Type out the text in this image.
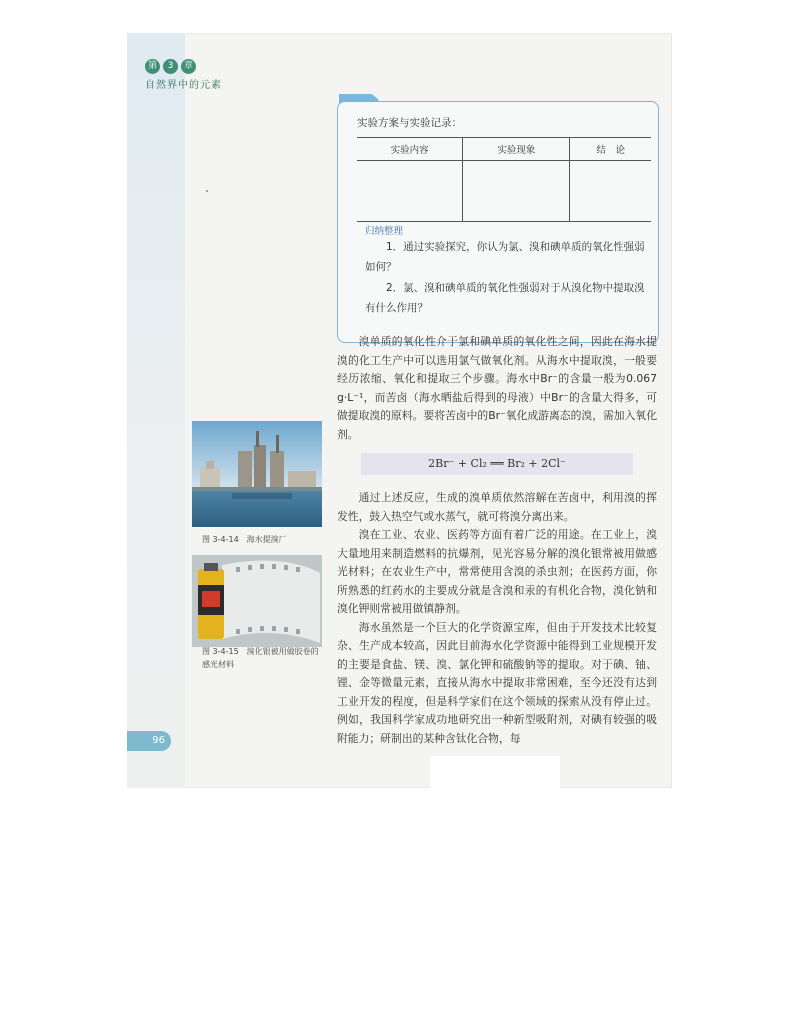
第	3	章
自然界中的元素
实验方案与实验记录：
实验内容	实验现象	结　论

归纳整理

1．通过实验探究，你认为氯、溴和碘单质的氧化性强弱如何？

2．氯、溴和碘单质的氧化性强弱对于从溴化物中提取溴有什么作用？

溴单质的氧化性介于氯和碘单质的氧化性之间，因此在海水提溴的化工生产中可以选用氯气做氧化剂。从海水中提取溴，一般要经历浓缩、氧化和提取三个步骤。海水中Br⁻的含量一般为0.067 g·L⁻¹，而苦卤（海水晒盐后得到的母液）中Br⁻的含量大得多，可做提取溴的原料。要将苦卤中的Br⁻氧化成游离态的溴，需加入氧化剂。

2Br⁻ + Cl₂ ══ Br₂ + 2Cl⁻

通过上述反应，生成的溴单质依然溶解在苦卤中，利用溴的挥发性，鼓入热空气或水蒸气，就可将溴分离出来。

溴在工业、农业、医药等方面有着广泛的用途。在工业上，溴大量地用来制造燃料的抗爆剂，见光容易分解的溴化银常被用做感光材料；在农业生产中，常常使用含溴的杀虫剂；在医药方面，你所熟悉的红药水的主要成分就是含溴和汞的有机化合物，溴化钠和溴化钾则常被用做镇静剂。

海水虽然是一个巨大的化学资源宝库，但由于开发技术比较复杂、生产成本较高，因此目前海水化学资源中能得到工业规模开发的主要是食盐、镁、溴、氯化钾和硫酸钠等的提取。对于碘、铀、锂、金等微量元素，直接从海水中提取非常困难，至今还没有达到工业开发的程度，但是科学家们在这个领域的探索从没有停止过。例如，我国科学家成功地研究出一种新型吸附剂，对碘有较强的吸附能力；研制出的某种含钛化合物，每

图 3-4-14　海水提溴厂
图 3-4-15　溴化银被用做胶卷的感光材料
96
